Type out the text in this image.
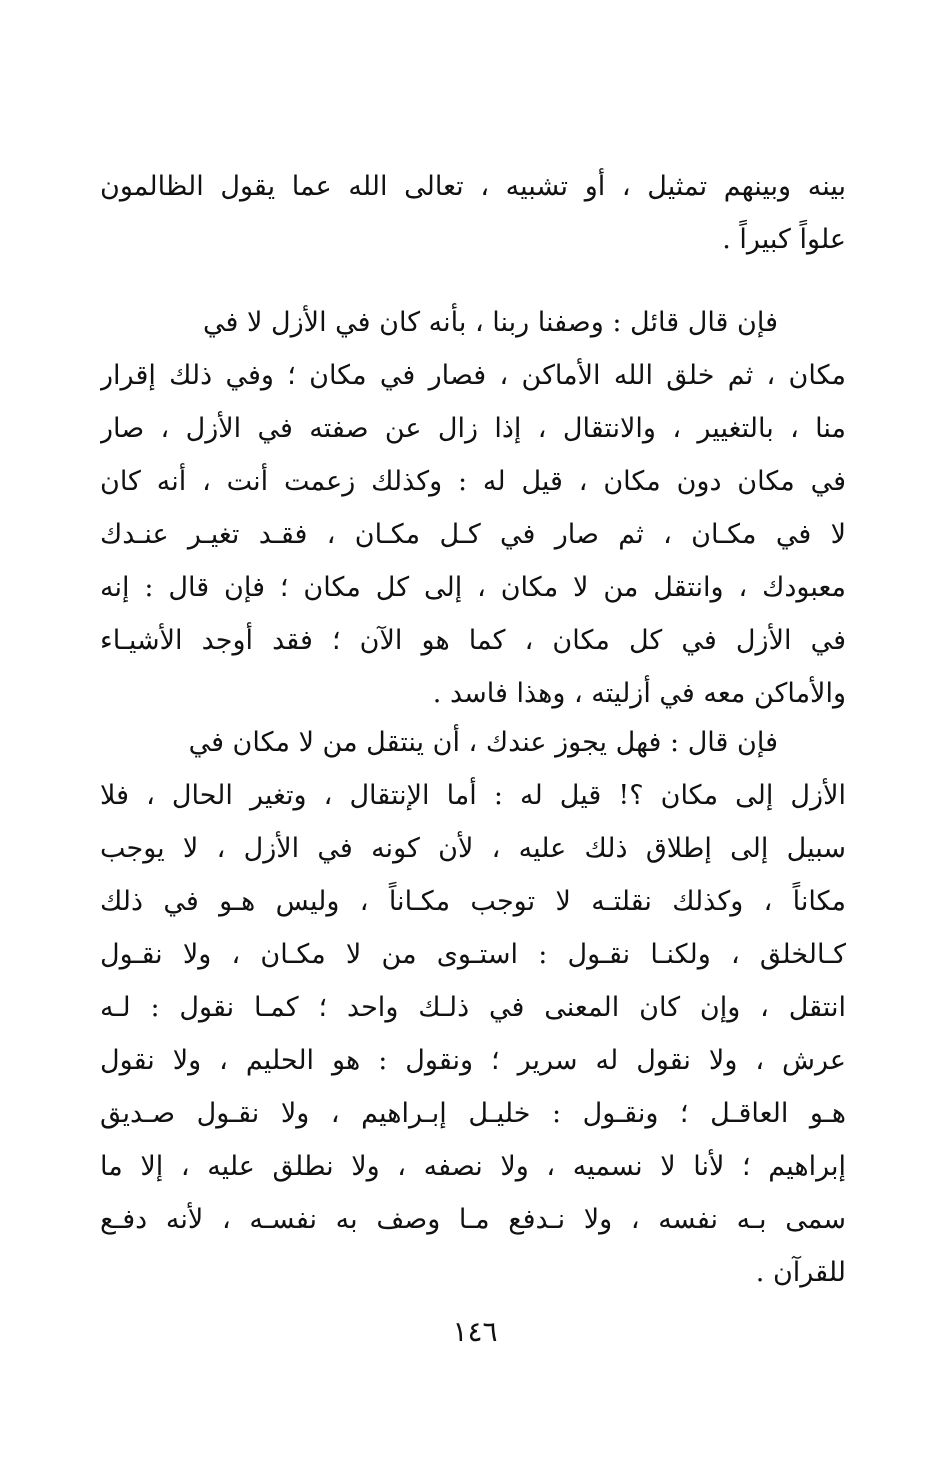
بينه وبينهم تمثيل ، أو تشبيه ، تعالى الله عما يقول الظالمون
علواً كبيراً .
فإن قال قائل : وصفنا ربنا ، بأنه كان في الأزل لا في
مكان ، ثم خلق الله الأماكن ، فصار في مكان ؛ وفي ذلك إقرار
منا ، بالتغيير ، والانتقال ، إذا زال عن صفته في الأزل ، صار
في مكان دون مكان ، قيل له : وكذلك زعمت أنت ، أنه كان
لا في مكـان ، ثم صار في كـل مكـان ، فقـد تغيـر عنـدك
معبودك ، وانتقل من لا مكان ، إلى كل مكان ؛ فإن قال : إنه
في الأزل في كل مكان ، كما هو الآن ؛ فقد أوجد الأشيـاء
والأماكن معه في أزليته ، وهذا فاسد .
فإن قال : فهل يجوز عندك ، أن ينتقل من لا مكان في
الأزل إلى مكان ؟! قيل له : أما الإنتقال ، وتغير الحال ، فلا
سبيل إلى إطلاق ذلك عليه ، لأن كونه في الأزل ، لا يوجب
مكاناً ، وكذلك نقلتـه لا توجب مكـاناً ، وليس هـو في ذلك
كـالخلق ، ولكنـا نقـول : استـوى من لا مكـان ، ولا نقـول
انتقل ، وإن كان المعنى في ذلـك واحد ؛ كمـا نقول : لـه
عرش ، ولا نقول له سرير ؛ ونقول : هو الحليم ، ولا نقول
هـو العاقـل ؛ ونقـول : خليـل إبـراهيم ، ولا نقـول صـديق
إبراهيم ؛ لأنا لا نسميه ، ولا نصفه ، ولا نطلق عليه ، إلا ما
سمى بـه نفسه ، ولا نـدفع مـا وصف به نفسـه ، لأنه دفـع
للقرآن .
١٤٦
